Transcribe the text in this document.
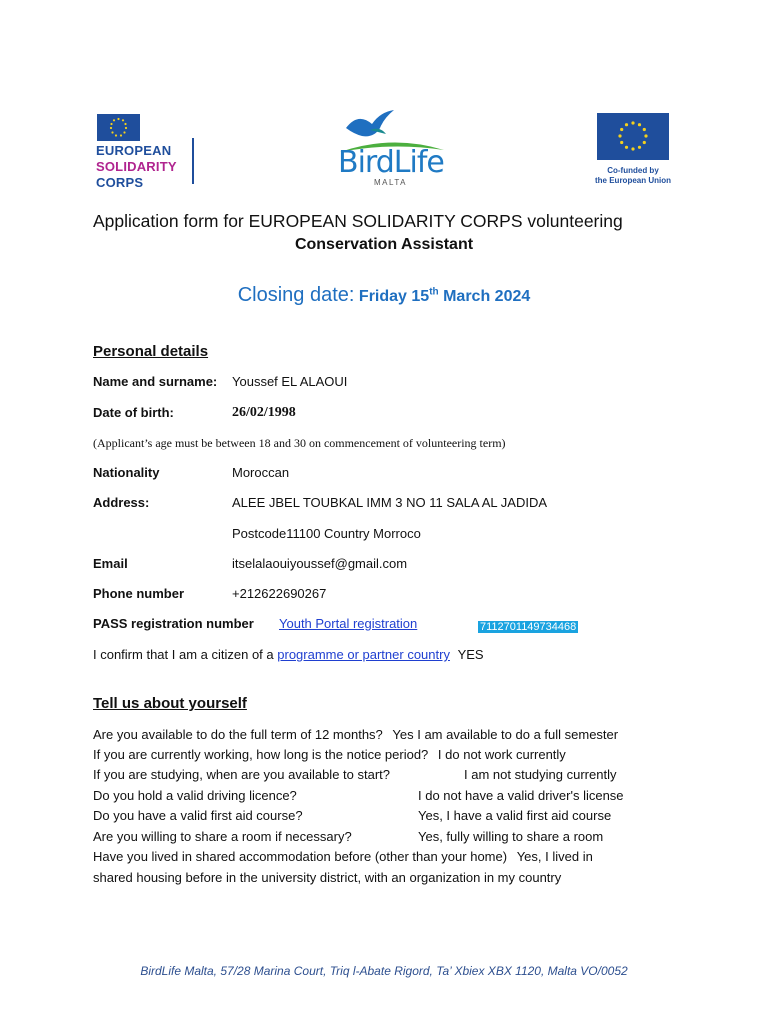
EUROPEAN
SOLIDARITY
CORPS
BirdLife
MALTA
Co-funded by
the European Union
Application form for EUROPEAN SOLIDARITY CORPS volunteering
Conservation Assistant
Closing date: Friday 15th March 2024
Personal details
Name and surname: Youssef EL ALAOUI
Date of birth:	26/02/1998
(Applicant’s age must be between 18 and 30 on commencement of volunteering term)
Nationality	Moroccan
Address:	ALEE JBEL TOUBKAL IMM 3 NO 11 SALA AL JADIDA
Postcode11100 Country Morroco
Email	itselalaouiyoussef@gmail.com
Phone number	+212622690267
PASS registration number Youth Portal registration	7112701149734468
I confirm that I am a citizen of a programme or partner country YES
Tell us about yourself
Are you available to do the full term of 12 months? Yes I am available to do a full semester
If you are currently working, how long is the notice period? I do not work currently
If you are studying, when are you available to start?	I am not studying currently
Do you hold a valid driving licence?	I do not have a valid driver's license
Do you have a valid first aid course?	Yes, I have a valid first aid course
Are you willing to share a room if necessary?	Yes, fully willing to share a room
Have you lived in shared accommodation before (other than your home) Yes, I lived in
shared housing before in the university district, with an organization in my country
BirdLife Malta, 57/28 Marina Court, Triq l-Abate Rigord, Ta’ Xbiex XBX 1120, Malta VO/0052
